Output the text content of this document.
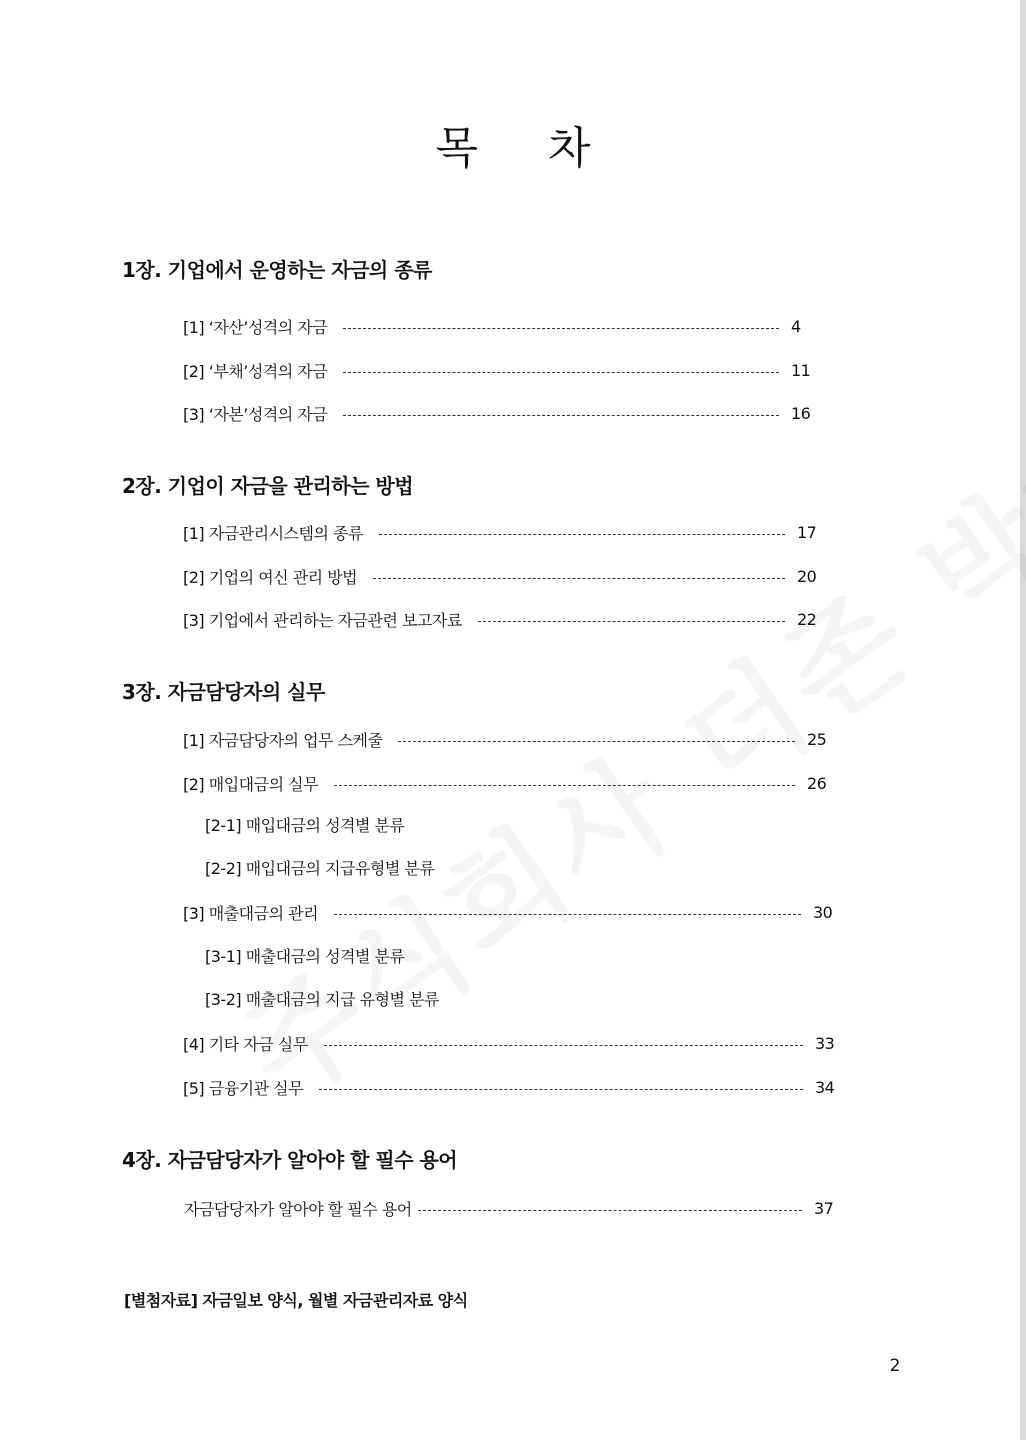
목 차
1장. 기업에서 운영하는 자금의 종류
[1] ‘자산’성격의 자금	4
[2] ‘부채’성격의 자금	11
[3] ‘자본’성격의 자금	16
2장. 기업이 자금을 관리하는 방법
[1] 자금관리시스템의 종류	17
[2] 기업의 여신 관리 방법	20
[3] 기업에서 관리하는 자금관련 보고자료	22
3장. 자금담당자의 실무
[1] 자금담당자의 업무 스케줄	25
[2] 매입대금의 실무	26
[2-1] 매입대금의 성격별 분류
[2-2] 매입대금의 지급유형별 분류
[3] 매출대금의 관리	30
[3-1] 매출대금의 성격별 분류
[3-2] 매출대금의 지급 유형별 분류
[4] 기타 자금 실무	33
[5] 금융기관 실무	34
4장. 자금담당자가 알아야 할 필수 용어
자금담당자가 알아야 할 필수 용어	37
[별첨자료] 자금일보 양식, 월별 자금관리자료 양식
2
